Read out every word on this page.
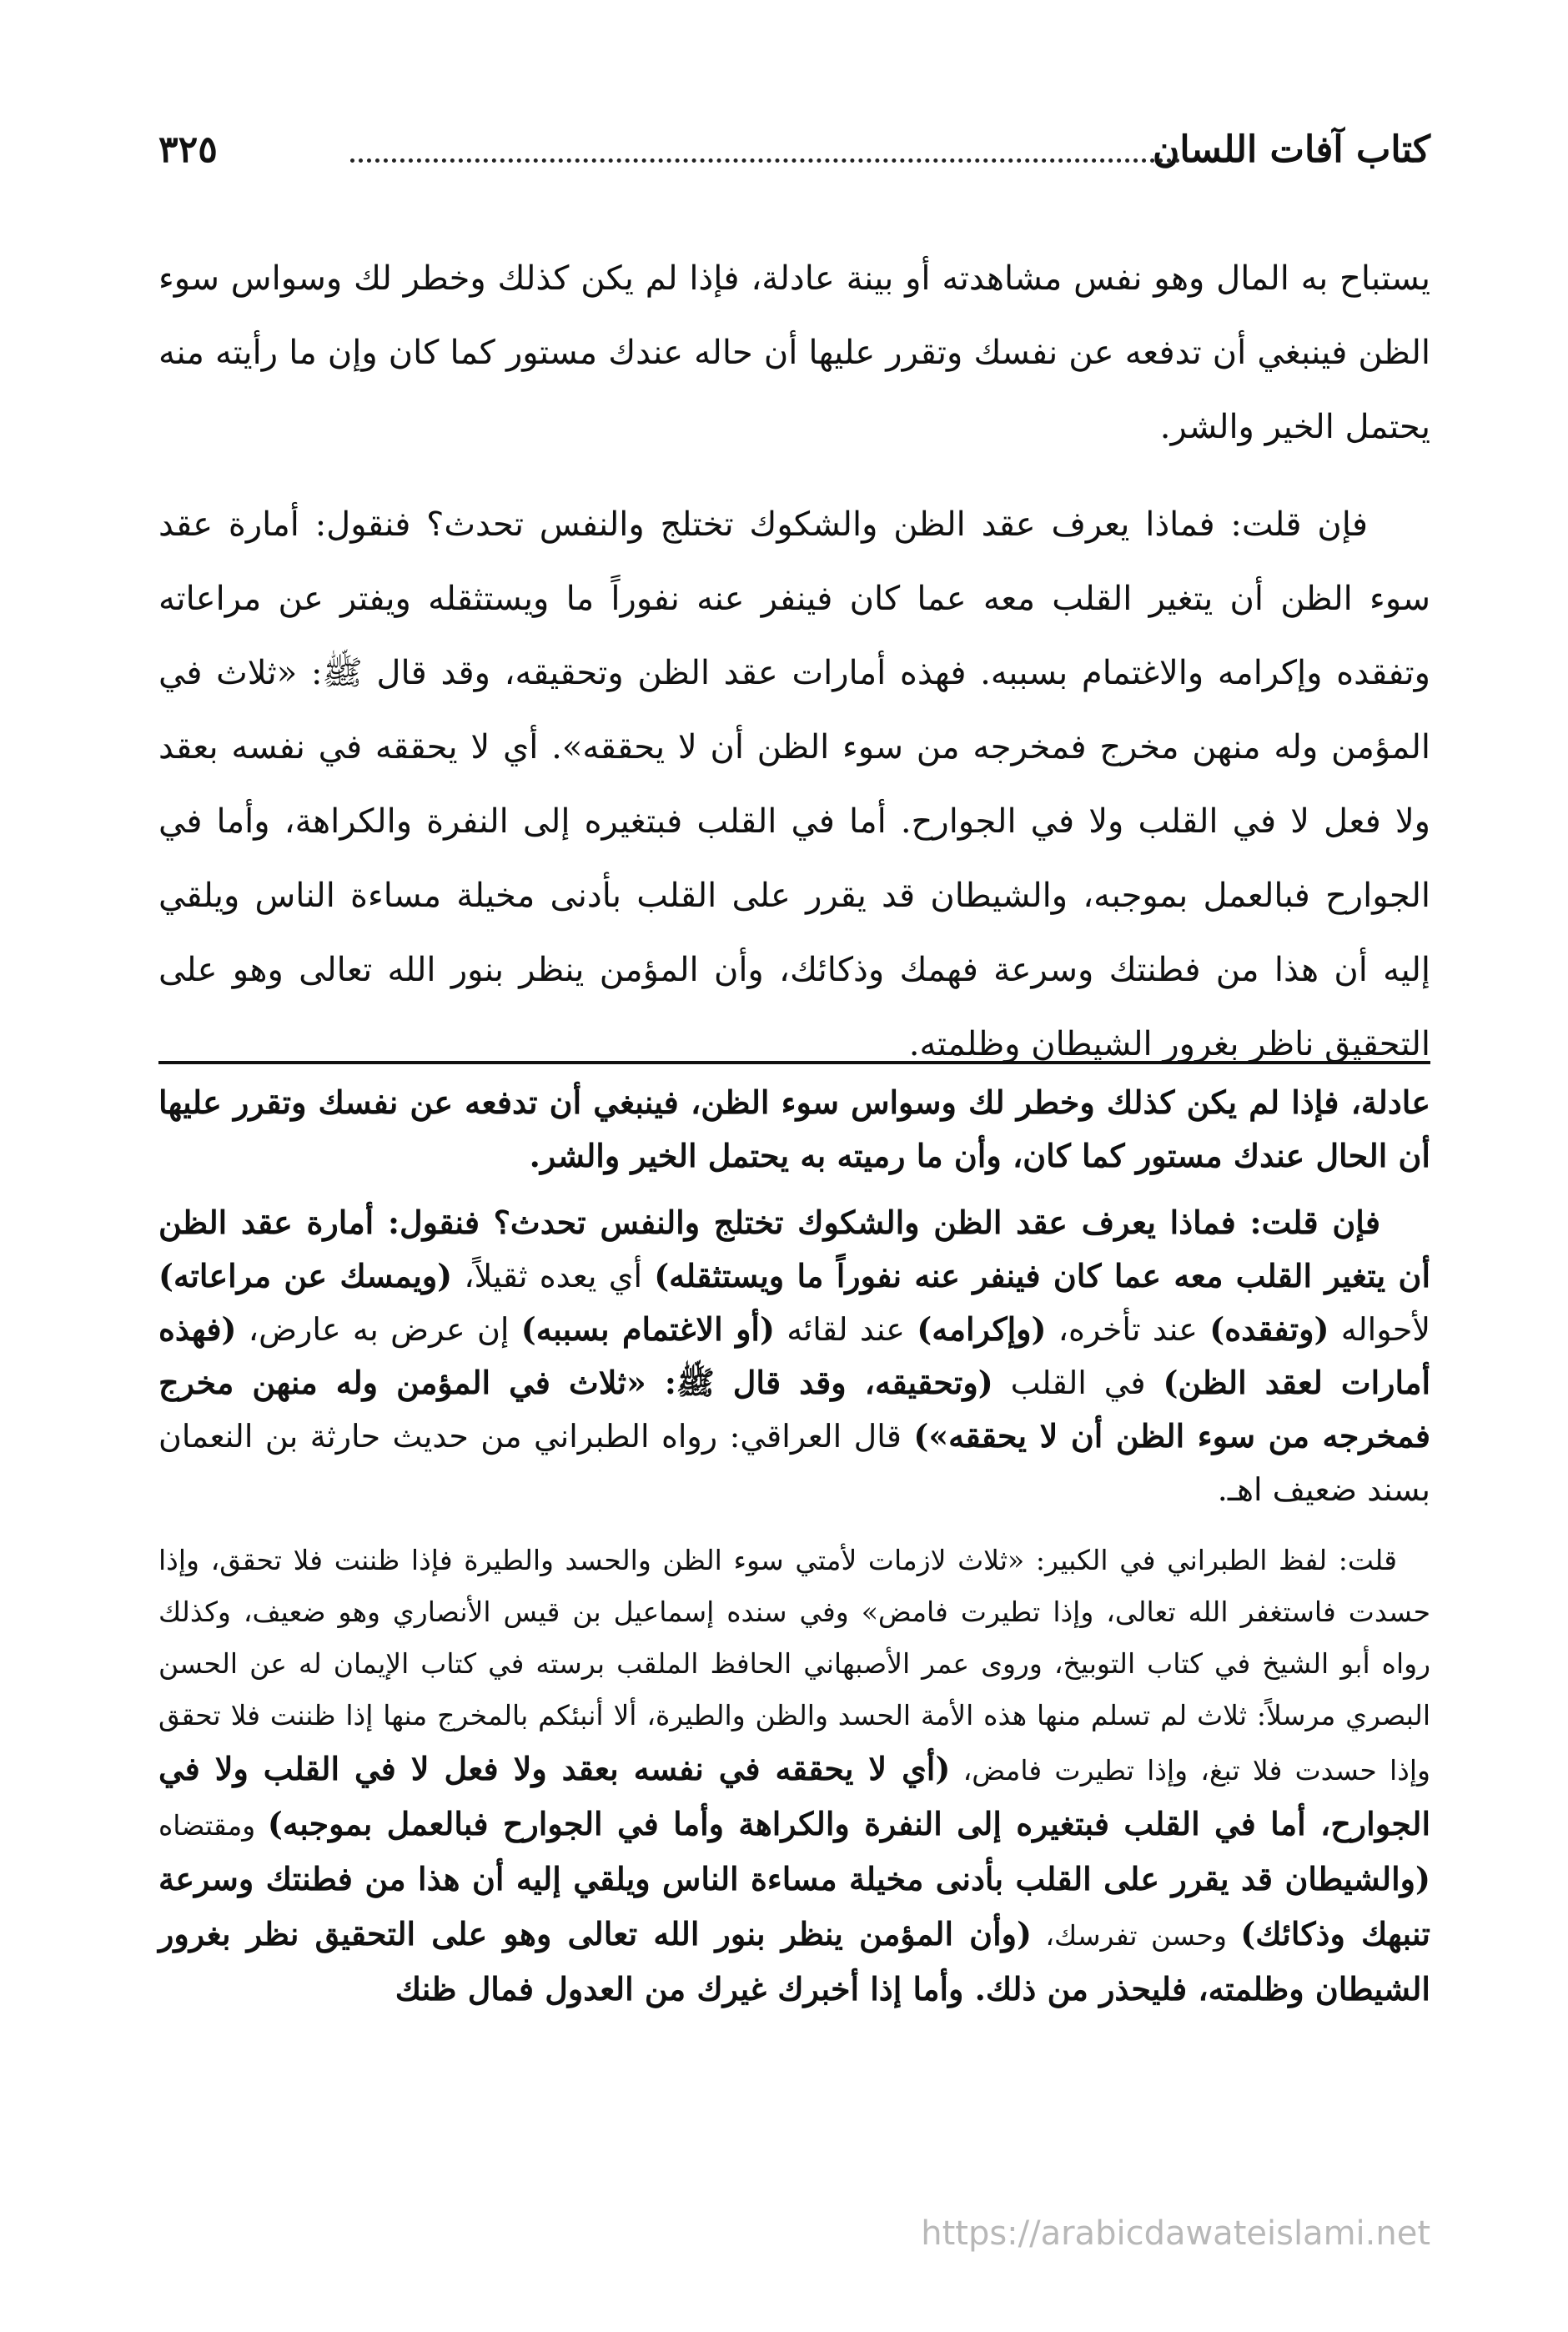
كتاب آفات اللسان
٣٢٥

يستباح به المال وهو نفس مشاهدته أو بينة عادلة، فإذا لم يكن كذلك وخطر لك وسواس سوء الظن فينبغي أن تدفعه عن نفسك وتقرر عليها أن حاله عندك مستور كما كان وإن ما رأيته منه يحتمل الخير والشر.

فإن قلت: فماذا يعرف عقد الظن والشكوك تختلج والنفس تحدث؟ فنقول: أمارة عقد سوء الظن أن يتغير القلب معه عما كان فينفر عنه نفوراً ما ويستثقله ويفتر عن مراعاته وتفقده وإكرامه والاغتمام بسببه. فهذه أمارات عقد الظن وتحقيقه، وقد قال ﷺ: «ثلاث في المؤمن وله منهن مخرج فمخرجه من سوء الظن أن لا يحققه». أي لا يحققه في نفسه بعقد ولا فعل لا في القلب ولا في الجوارح. أما في القلب فبتغيره إلى النفرة والكراهة، وأما في الجوارح فبالعمل بموجبه، والشيطان قد يقرر على القلب بأدنى مخيلة مساءة الناس ويلقي إليه أن هذا من فطنتك وسرعة فهمك وذكائك، وأن المؤمن ينظر بنور الله تعالى وهو على التحقيق ناظر بغرور الشيطان وظلمته.

عادلة، فإذا لم يكن كذلك وخطر لك وسواس سوء الظن، فينبغي أن تدفعه عن نفسك وتقرر عليها أن الحال عندك مستور كما كان، وأن ما رميته به يحتمل الخير والشر.

فإن قلت: فماذا يعرف عقد الظن والشكوك تختلج والنفس تحدث؟ فنقول: أمارة عقد الظن أن يتغير القلب معه عما كان فينفر عنه نفوراً ما ويستثقله) أي يعده ثقيلاً، (ويمسك عن مراعاته) لأحواله (وتفقده) عند تأخره، (وإكرامه) عند لقائه (أو الاغتمام بسببه) إن عرض به عارض، (فهذه أمارات لعقد الظن) في القلب (وتحقيقه، وقد قال ﷺ: «ثلاث في المؤمن وله منهن مخرج فمخرجه من سوء الظن أن لا يحققه») قال العراقي: رواه الطبراني من حديث حارثة بن النعمان بسند ضعيف اهـ.

قلت: لفظ الطبراني في الكبير: «ثلاث لازمات لأمتي سوء الظن والحسد والطيرة فإذا ظننت فلا تحقق، وإذا حسدت فاستغفر الله تعالى، وإذا تطيرت فامض» وفي سنده إسماعيل بن قيس الأنصاري وهو ضعيف، وكذلك رواه أبو الشيخ في كتاب التوبيخ، وروى عمر الأصبهاني الحافظ الملقب برسته في كتاب الإيمان له عن الحسن البصري مرسلاً: ثلاث لم تسلم منها هذه الأمة الحسد والظن والطيرة، ألا أنبئكم بالمخرج منها إذا ظننت فلا تحقق وإذا حسدت فلا تبغ، وإذا تطيرت فامض، (أي لا يحققه في نفسه بعقد ولا فعل لا في القلب ولا في الجوارح، أما في القلب فبتغيره إلى النفرة والكراهة وأما في الجوارح فبالعمل بموجبه) ومقتضاه (والشيطان قد يقرر على القلب بأدنى مخيلة مساءة الناس ويلقي إليه أن هذا من فطنتك وسرعة تنبهك وذكائك) وحسن تفرسك، (وأن المؤمن ينظر بنور الله تعالى وهو على التحقيق نظر بغرور الشيطان وظلمته، فليحذر من ذلك. وأما إذا أخبرك غيرك من العدول فمال ظنك

https://arabicdawateislami.net
